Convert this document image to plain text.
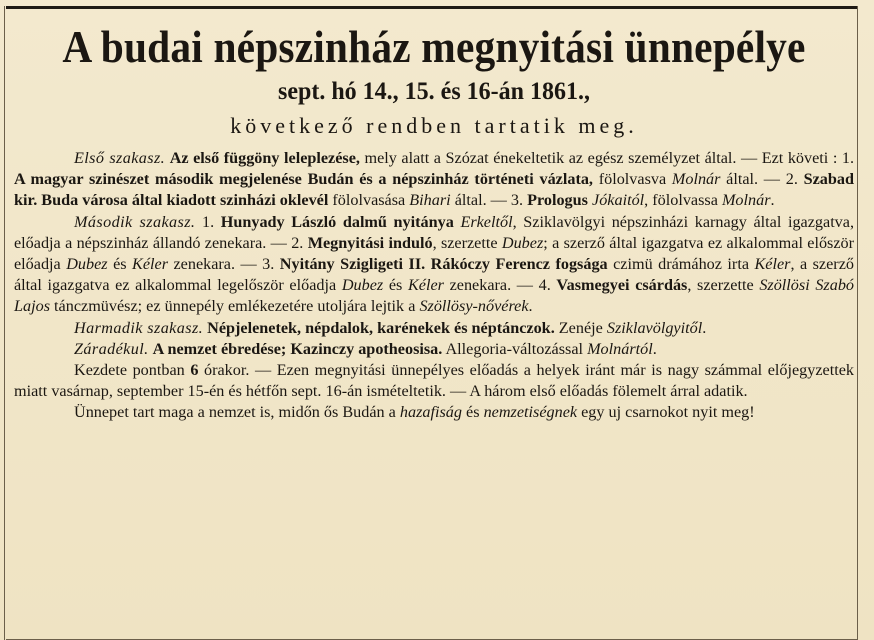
A budai népszinház megnyitási ünnepélye
sept. hó 14., 15. és 16-án 1861.,
következő rendben tartatik meg.

Első szakasz. Az első függöny leleplezése, mely alatt a Szózat énekeltetik az egész személyzet által. — Ezt követi : 1. A magyar szinészet második megjelenése Budán és a népszinház történeti vázlata, fölolvasva Molnár által. — 2. Szabad kir. Buda városa által kiadott szinházi oklevél fölolvasása Bihari által. — 3. Prologus Jókaitól, fölolvassa Molnár.

Második szakasz. 1. Hunyady László dalmű nyitánya Erkeltől, Sziklavölgyi népszinházi karnagy által igazgatva, előadja a népszinház állandó zenekara. — 2. Megnyitási induló, szerzette Dubez; a szerző által igazgatva ez alkalommal először előadja Dubez és Kéler zenekara. — 3. Nyitány Szigligeti II. Rákóczy Ferencz fogsága czimü drámához irta Kéler, a szerző által igazgatva ez alkalommal legelőször előadja Dubez és Kéler zenekara. — 4. Vasmegyei csárdás, szerzette Szöllösi Szabó Lajos tánczmüvész; ez ünnepély emlékezetére utoljára lejtik a Szöllösy-nővérek.

Harmadik szakasz. Népjelenetek, népdalok, karénekek és néptánczok. Zenéje Sziklavölgyitől.

Záradékul. A nemzet ébredése; Kazinczy apotheosisa. Allegoria-változással Molnártól.

Kezdete pontban 6 órakor. — Ezen megnyitási ünnepélyes előadás a helyek iránt már is nagy számmal előjegyzettek miatt vasárnap, september 15-én és hétfőn sept. 16-án ismételtetik. — A három első előadás fölemelt árral adatik.

Ünnepet tart maga a nemzet is, midőn ős Budán a hazafiság és nemzetiségnek egy uj csarnokot nyit meg!
